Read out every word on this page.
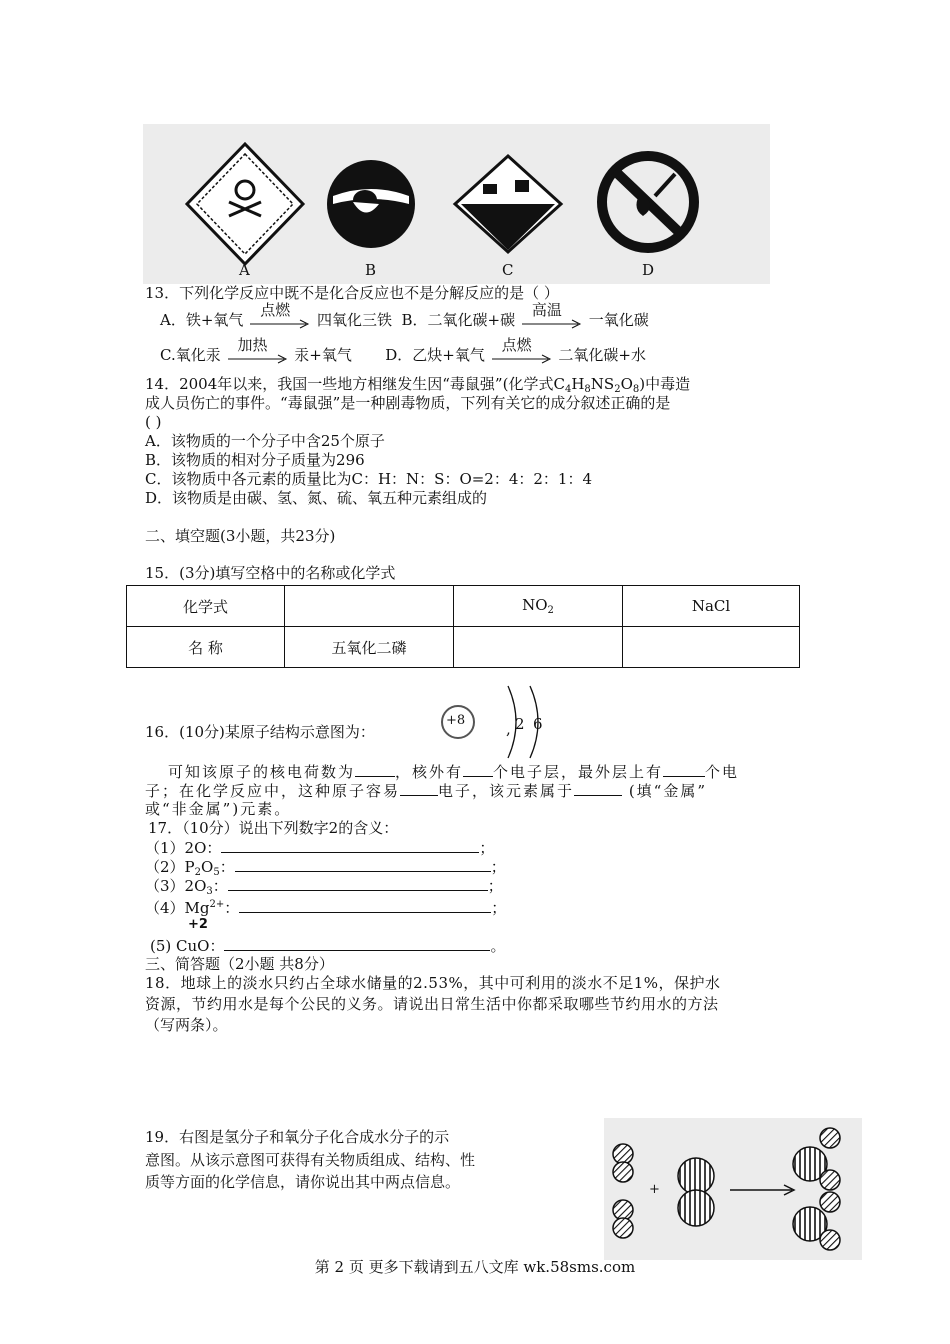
A	B	C	D
13．下列化学反应中既不是化合反应也不是分解反应的是（ ）
A．铁+氧气
点燃
四氧化三铁 B．二氧化碳+碳
高温
一氧化碳
C.氧化汞
加热
汞+氧气 D．乙炔+氧气
点燃
二氧化碳+水
14．2004年以来，我国一些地方相继发生因“毒鼠强”(化学式$C_4H_8NS_2O_8$)中毒造
成人员伤亡的事件。“毒鼠强”是一种剧毒物质，下列有关它的成分叙述正确的是
( )
A．该物质的一个分子中含25个原子
B．该物质的相对分子质量为296
C．该物质中各元素的质量比为C：H：N：S：O=2：4：2：1：4
D．该物质是由碳、氢、氮、硫、氧五种元素组成的
二、填空题(3小题，共23分)
15．(3分)填写空格中的名称或化学式
化学式		$NO_2$	NaCl
名 称	五氧化二磷		
16．(10分)某原子结构示意图为：
+8	2 6
,
可知该原子的核电荷数为	，核外有 个电子层，最外层上有	个电
子；在化学反应中，这种原子容易	电子，该元素属于	(填“金属”
或“非金属”)元素。
17．（10分）说出下列数字2的含义：
（1）2O：	；
$(2)P_2O_5$：	；
$(3)2O_3$：	；
$(4)Mg^{2+}$：	；
+2
(5) CuO：	。
三、简答题（2小题 共8分）
18．地球上的淡水只约占全球水储量的2.53%，其中可利用的淡水不足1%，保护水
资源，节约用水是每个公民的义务。请说出日常生活中你都采取哪些节约用水的方法
（写两条）。
19．右图是氢分子和氧分子化合成水分子的示
意图。从该示意图可获得有关物质组成、结构、性
质等方面的化学信息，请你说出其中两点信息。	+
第 2 页 更多下载请到五八文库 wk.58sms.com
